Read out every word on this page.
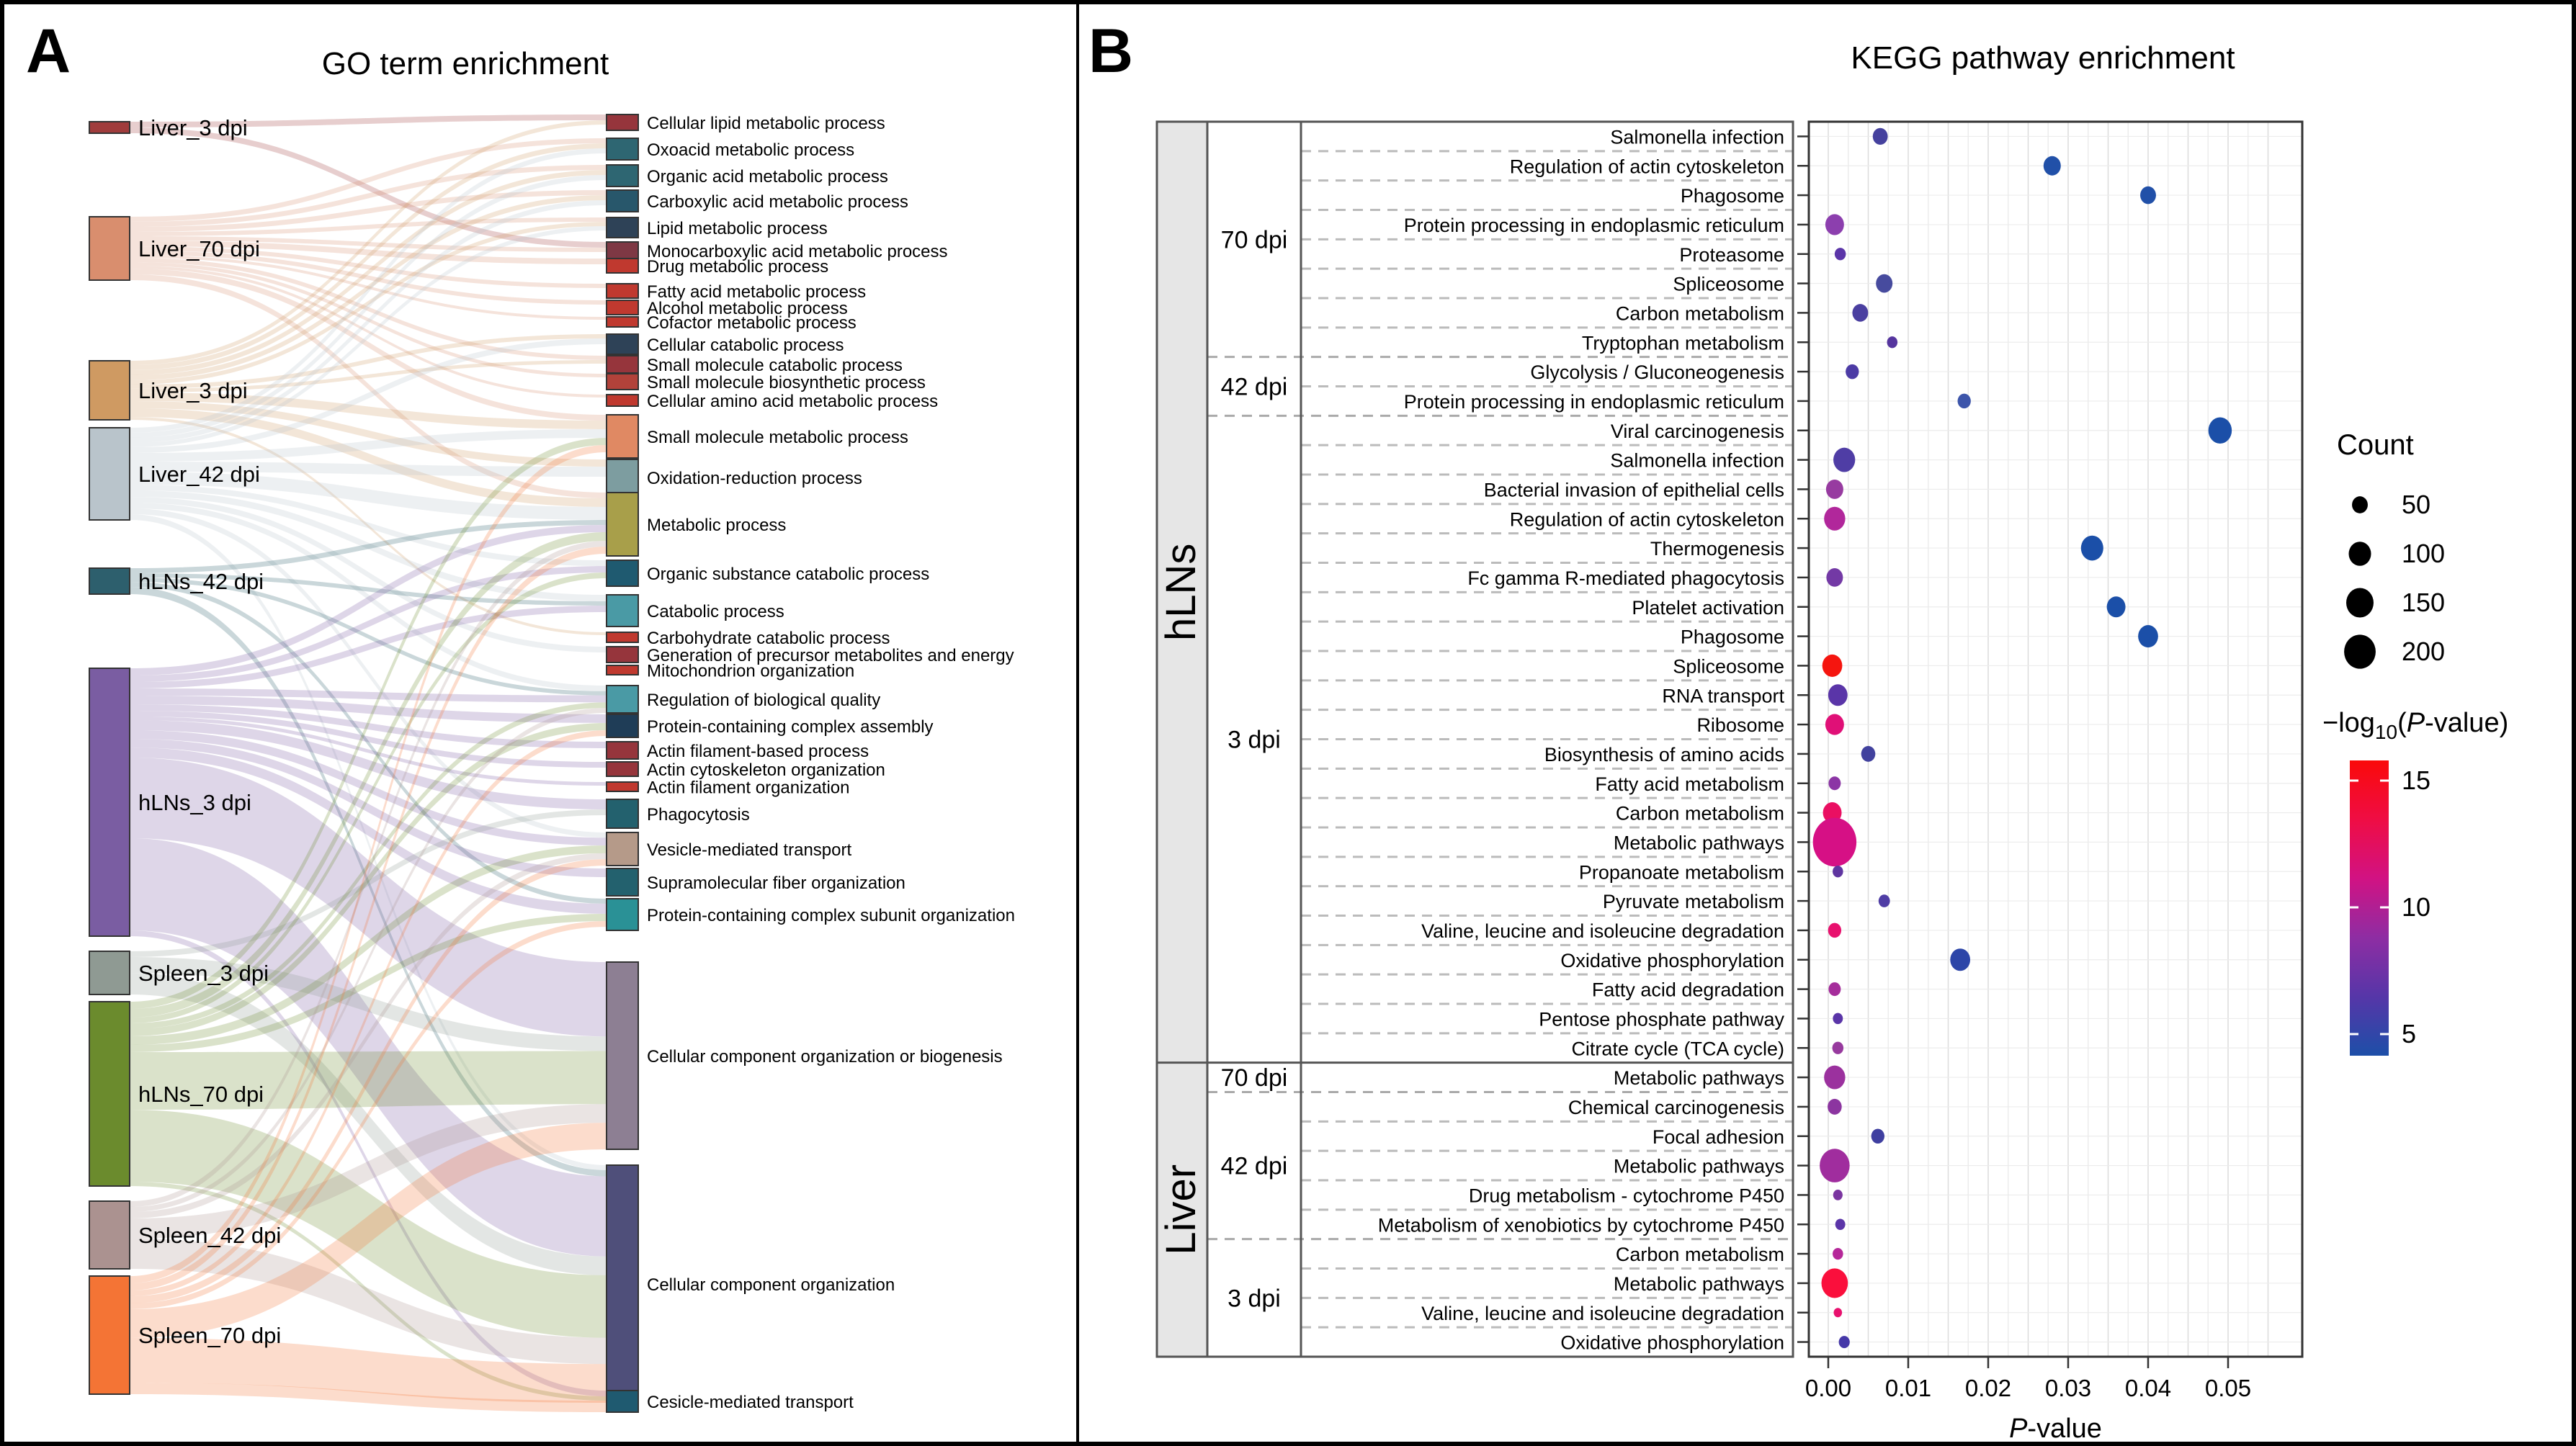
A	GO term enrichment
Liver_3 dpi
Liver_70 dpi
Liver_3 dpi
Liver_42 dpi
hLNs_42 dpi
hLNs_3 dpi
Spleen_3 dpi
hLNs_70 dpi
Spleen_42 dpi
Spleen_70 dpi
Cellular lipid metabolic process
Oxoacid metabolic process
Organic acid metabolic process
Carboxylic acid metabolic process
Lipid metabolic process
Monocarboxylic acid metabolic process
Drug metabolic process
Fatty acid metabolic process
Alcohol metabolic process
Cofactor metabolic process
Cellular catabolic process
Small molecule catabolic process
Small molecule biosynthetic process
Cellular amino acid metabolic process
Small molecule metabolic process
Oxidation-reduction process
Metabolic process
Organic substance catabolic process
Catabolic process
Carbohydrate catabolic process
Generation of precursor metabolites and energy
Mitochondrion organization
Regulation of biological quality
Protein-containing complex assembly
Actin filament-based process
Actin cytoskeleton organization
Actin filament organization
Phagocytosis
Vesicle-mediated transport
Supramolecular fiber organization
Protein-containing complex subunit organization
Cellular component organization or biogenesis
Cellular component organization
Cesicle-mediated transport
B	KEGG pathway enrichment
hLNs
Liver
70 dpi
42 dpi
3 dpi
70 dpi
42 dpi
3 dpi
Salmonella infection
Regulation of actin cytoskeleton
Phagosome
Protein processing in endoplasmic reticulum
Proteasome
Spliceosome
Carbon metabolism
Tryptophan metabolism
Glycolysis / Gluconeogenesis
Protein processing in endoplasmic reticulum
Viral carcinogenesis
Salmonella infection
Bacterial invasion of epithelial cells
Regulation of actin cytoskeleton
Thermogenesis
Fc gamma R-mediated phagocytosis
Platelet activation
Phagosome
Spliceosome
RNA transport
Ribosome
Biosynthesis of amino acids
Fatty acid metabolism
Carbon metabolism
Metabolic pathways
Propanoate metabolism
Pyruvate metabolism
Valine, leucine and isoleucine degradation
Oxidative phosphorylation
Fatty acid degradation
Pentose phosphate pathway
Citrate cycle (TCA cycle)
Metabolic pathways
Chemical carcinogenesis
Focal adhesion
Metabolic pathways
Drug metabolism - cytochrome P450
Metabolism of xenobiotics by cytochrome P450
Carbon metabolism
Metabolic pathways
Valine, leucine and isoleucine degradation
Oxidative phosphorylation
0.00 0.01 0.02 0.03 0.04 0.05
P-value
Count
50
100
150
200
$-\log_{10}(P-value)$
15
10
5
